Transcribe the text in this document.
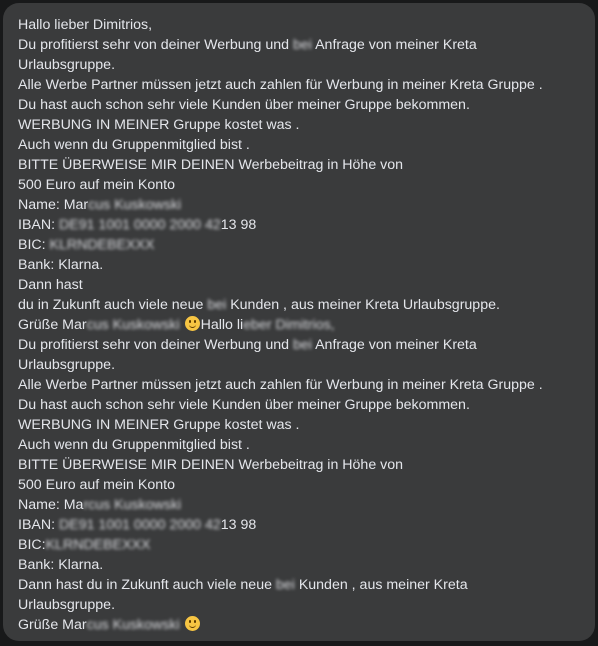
Hallo lieber Dimitrios,
Du profitierst sehr von deiner Werbung und bei Anfrage von meiner Kreta
Urlaubsgruppe.
Alle Werbe Partner müssen jetzt auch zahlen für Werbung in meiner Kreta Gruppe .
Du hast auch schon sehr viele Kunden über meiner Gruppe bekommen.
WERBUNG IN MEINER Gruppe kostet was .
Auch wenn du Gruppenmitglied bist .
BITTE ÜBERWEISE MIR DEINEN Werbebeitrag in Höhe von
500 Euro auf mein Konto
Name: Marcus Kuskowski
IBAN: DE91 1001 0000 2000 4213 98
BIC: KLRNDEBEXXX
Bank: Klarna.
Dann hast
du in Zukunft auch viele neue bei Kunden , aus meiner Kreta Urlaubsgruppe.
Grüße Marcus Kuskowski Hallo lieber Dimitrios,
Du profitierst sehr von deiner Werbung und bei Anfrage von meiner Kreta
Urlaubsgruppe.
Alle Werbe Partner müssen jetzt auch zahlen für Werbung in meiner Kreta Gruppe .
Du hast auch schon sehr viele Kunden über meiner Gruppe bekommen.
WERBUNG IN MEINER Gruppe kostet was .
Auch wenn du Gruppenmitglied bist .
BITTE ÜBERWEISE MIR DEINEN Werbebeitrag in Höhe von
500 Euro auf mein Konto
Name: Marcus Kuskowski
IBAN: DE91 1001 0000 2000 4213 98
BIC:KLRNDEBEXXX
Bank: Klarna.
Dann hast du in Zukunft auch viele neue bei Kunden , aus meiner Kreta
Urlaubsgruppe.
Grüße Marcus Kuskowski
